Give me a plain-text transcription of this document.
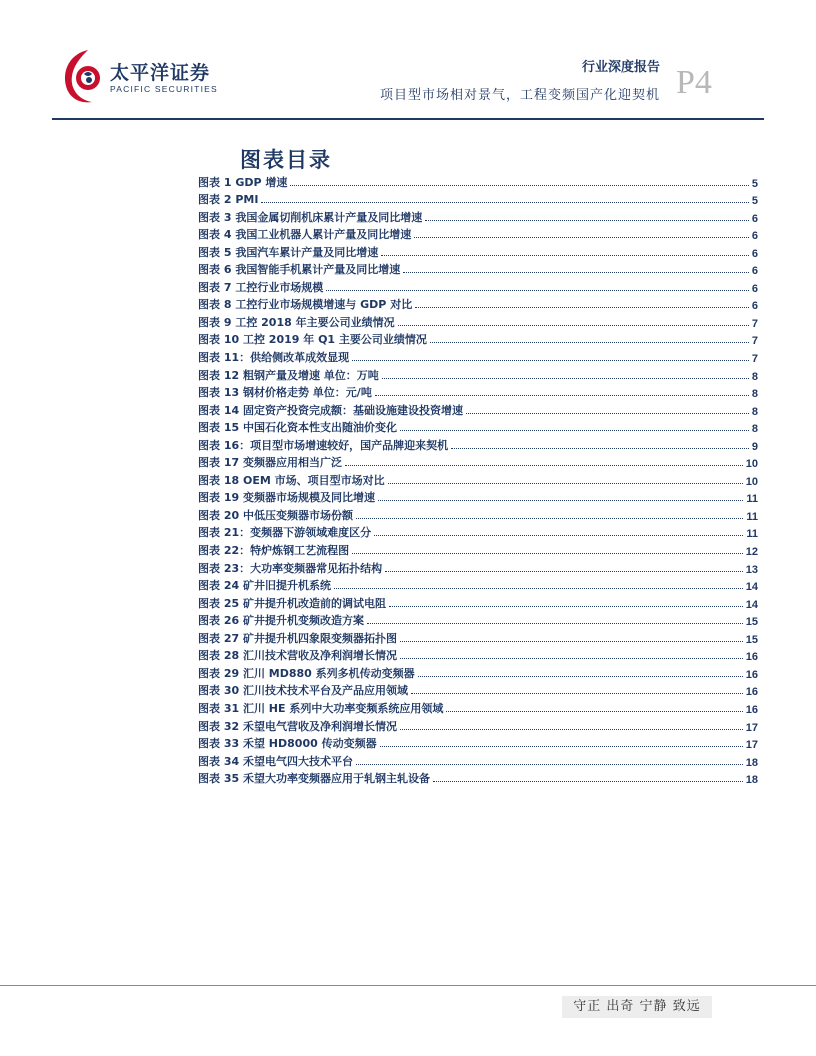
太平洋证券
PACIFIC SECURITIES
行业深度报告
项目型市场相对景气，工程变频国产化迎契机 P4
图表目录
图表 1 GDP 增速	5
图表 2 PMI	5
图表 3 我国金属切削机床累计产量及同比增速	6
图表 4 我国工业机器人累计产量及同比增速	6
图表 5 我国汽车累计产量及同比增速	6
图表 6 我国智能手机累计产量及同比增速	6
图表 7 工控行业市场规模	6
图表 8 工控行业市场规模增速与 GDP 对比	6
图表 9 工控 2018 年主要公司业绩情况	7
图表 10 工控 2019 年 Q1 主要公司业绩情况	7
图表 11：供给侧改革成效显现	7
图表 12 粗钢产量及增速 单位：万吨	8
图表 13 钢材价格走势 单位：元/吨	8
图表 14 固定资产投资完成额：基础设施建设投资增速	8
图表 15 中国石化资本性支出随油价变化	8
图表 16：项目型市场增速较好，国产品牌迎来契机	9
图表 17 变频器应用相当广泛	10
图表 18 OEM 市场、项目型市场对比	10
图表 19 变频器市场规模及同比增速	11
图表 20 中低压变频器市场份额	11
图表 21：变频器下游领域难度区分	11
图表 22：特炉炼钢工艺流程图	12
图表 23：大功率变频器常见拓扑结构	13
图表 24 矿井旧提升机系统	14
图表 25 矿井提升机改造前的调试电阻	14
图表 26 矿井提升机变频改造方案	15
图表 27 矿井提升机四象限变频器拓扑图	15
图表 28 汇川技术营收及净利润增长情况	16
图表 29 汇川 MD880 系列多机传动变频器	16
图表 30 汇川技术技术平台及产品应用领域	16
图表 31 汇川 HE 系列中大功率变频系统应用领域	16
图表 32 禾望电气营收及净利润增长情况	17
图表 33 禾望 HD8000 传动变频器	17
图表 34 禾望电气四大技术平台	18
图表 35 禾望大功率变频器应用于轧钢主轧设备	18
守正 出奇 宁静 致远
